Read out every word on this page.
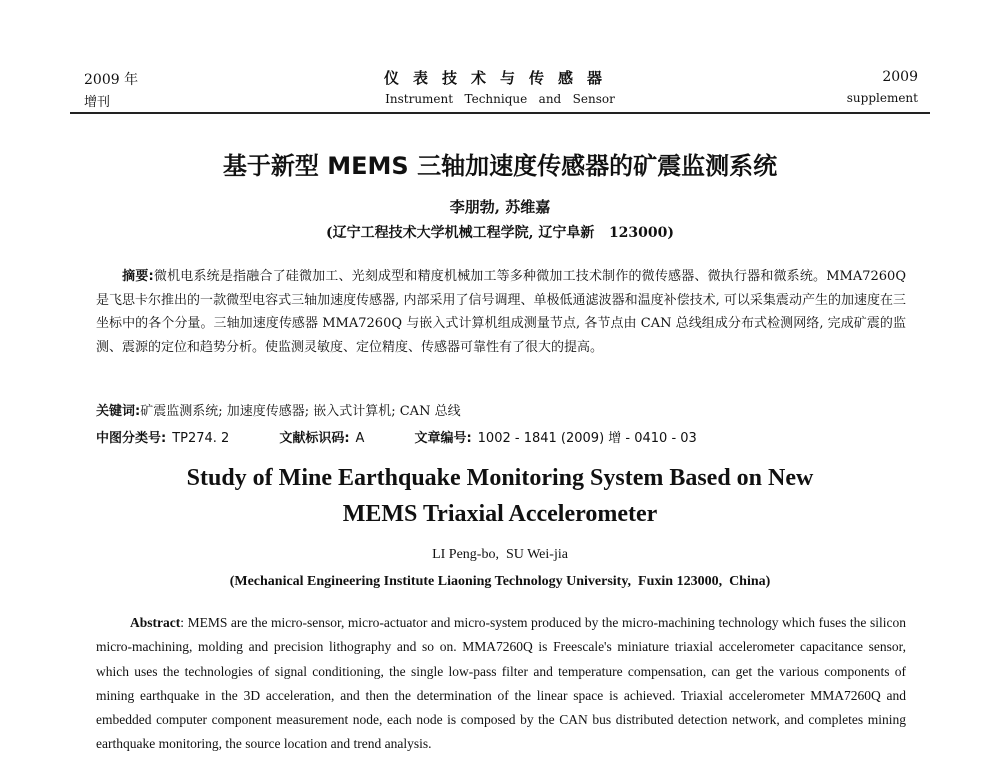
2009 年
增刊
仪表技术与传感器
Instrument   Technique   and   Sensor
2009
supplement
基于新型 MEMS 三轴加速度传感器的矿震监测系统
李朋勃, 苏维嘉
(辽宁工程技术大学机械工程学院, 辽宁阜新   123000)
摘要:微机电系统是指融合了硅微加工、光刻成型和精度机械加工等多种微加工技术制作的微传感器、微执行器和微系统。MMA7260Q 是飞思卡尔推出的一款微型电容式三轴加速度传感器, 内部采用了信号调理、单极低通滤波器和温度补偿技术, 可以采集震动产生的加速度在三坐标中的各个分量。三轴加速度传感器 MMA7260Q 与嵌入式计算机组成测量节点, 各节点由 CAN 总线组成分布式检测网络, 完成矿震的监测、震源的定位和趋势分析。使监测灵敏度、定位精度、传感器可靠性有了很大的提高。
关键词:矿震监测系统; 加速度传感器; 嵌入式计算机; CAN 总线
中图分类号: TP274. 2	文献标识码: A	文章编号: 1002 - 1841 (2009) 增 - 0410 - 03
Study of Mine Earthquake Monitoring System Based on New
MEMS Triaxial Accelerometer
LI Peng-bo,  SU Wei-jia
(Mechanical Engineering Institute Liaoning Technology University,  Fuxin 123000,  China)
Abstract: MEMS are the micro-sensor, micro-actuator and micro-system produced by the micro-machining technology which fuses the silicon micro-machining, molding and precision lithography and so on. MMA7260Q is Freescale's miniature triaxial accelerometer capacitance sensor, which uses the technologies of signal conditioning, the single low-pass filter and temperature compensation, can get the various components of mining earthquake in the 3D acceleration, and then the determination of the linear space is achieved. Triaxial accelerometer MMA7260Q and embedded computer component measurement node, each node is composed by the CAN bus distributed detection network, and completes mining earthquake monitoring, the source location and trend analysis.
